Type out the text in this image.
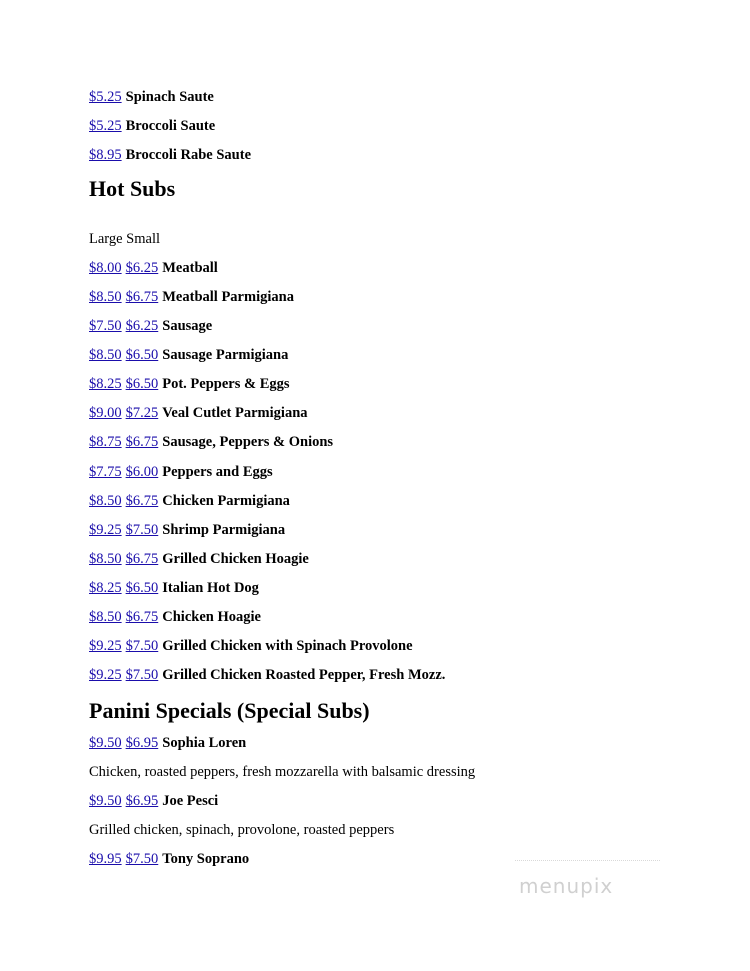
$5.25 Spinach Saute
$5.25 Broccoli Saute
$8.95 Broccoli Rabe Saute
Hot Subs
Large Small
$8.00 $6.25 Meatball
$8.50 $6.75 Meatball Parmigiana
$7.50 $6.25 Sausage
$8.50 $6.50 Sausage Parmigiana
$8.25 $6.50 Pot. Peppers & Eggs
$9.00 $7.25 Veal Cutlet Parmigiana
$8.75 $6.75 Sausage, Peppers & Onions
$7.75 $6.00 Peppers and Eggs
$8.50 $6.75 Chicken Parmigiana
$9.25 $7.50 Shrimp Parmigiana
$8.50 $6.75 Grilled Chicken Hoagie
$8.25 $6.50 Italian Hot Dog
$8.50 $6.75 Chicken Hoagie
$9.25 $7.50 Grilled Chicken with Spinach Provolone
$9.25 $7.50 Grilled Chicken Roasted Pepper, Fresh Mozz.
Panini Specials (Special Subs)
$9.50 $6.95 Sophia Loren
Chicken, roasted peppers, fresh mozzarella with balsamic dressing
$9.50 $6.95 Joe Pesci
Grilled chicken, spinach, provolone, roasted peppers
$9.95 $7.50 Tony Soprano
menupix
